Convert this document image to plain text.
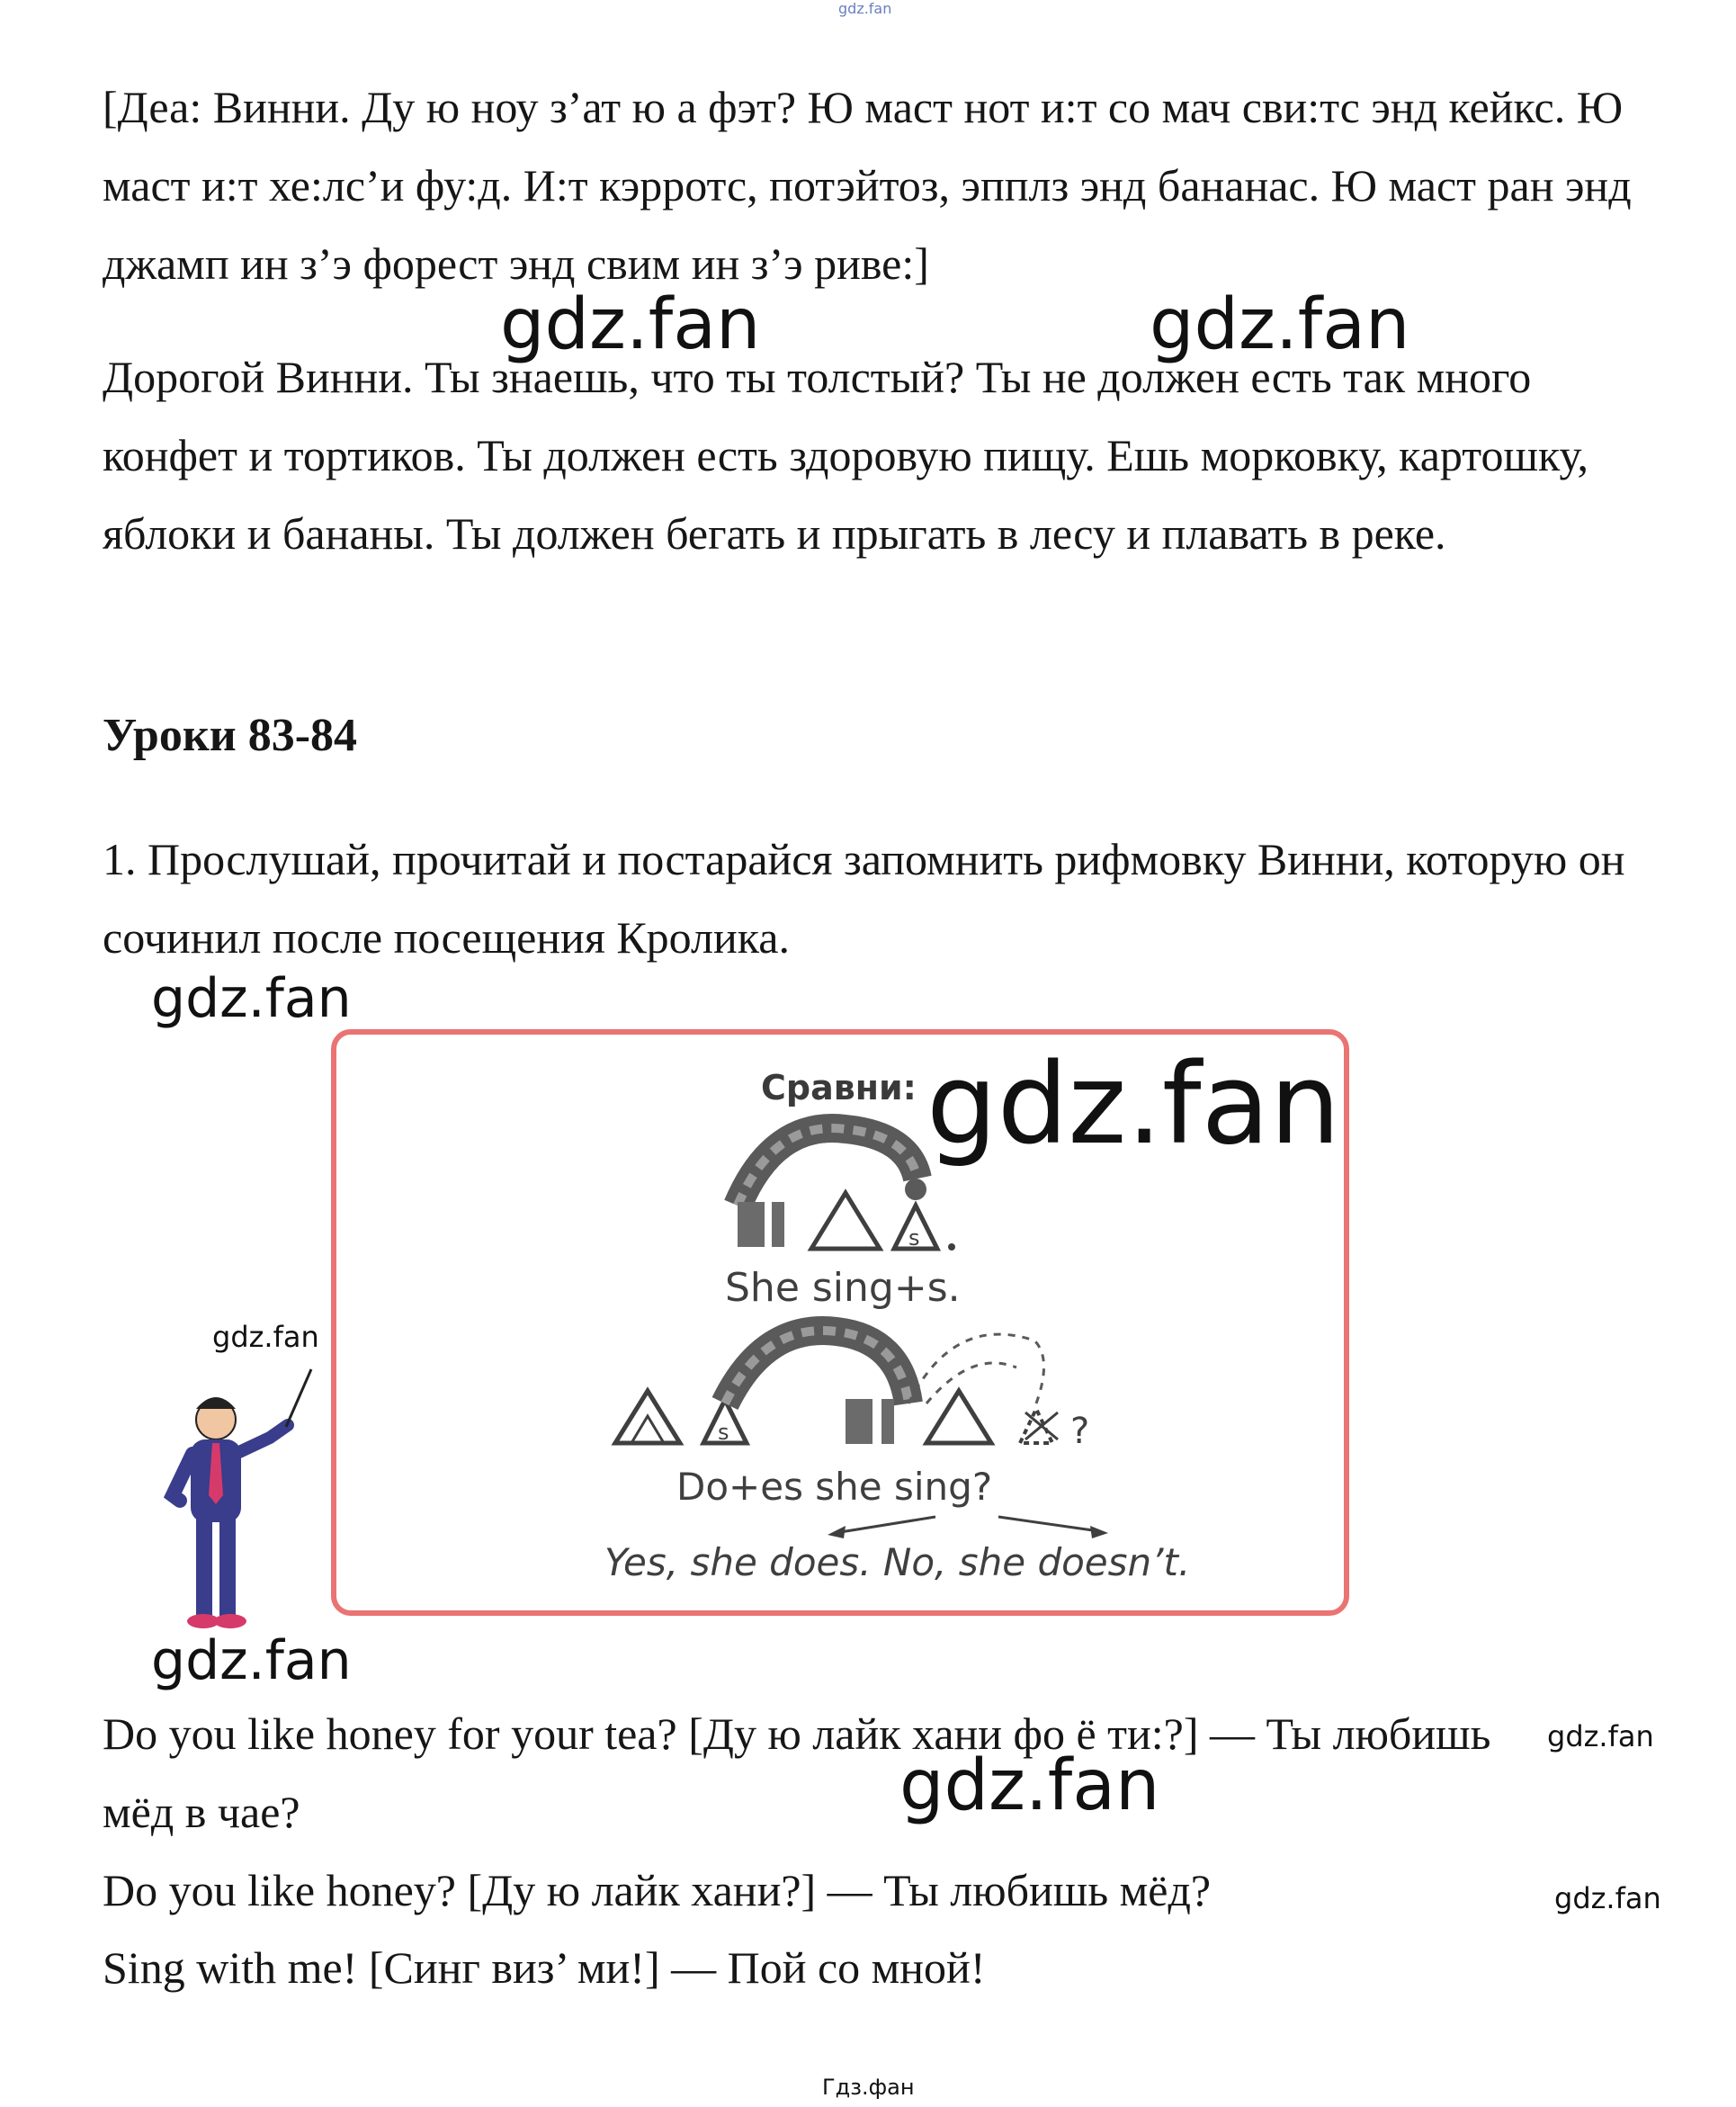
gdz.fan
[Деа: Винни. Ду ю ноу з’ат ю а фэт? Ю маст нот и:т со мач сви:тс энд кейкс. Ю маст и:т хе:лс’и фу:д. И:т кэрротс, потэйтоз, эпплз энд бананас. Ю маст ран энд джамп ин з’э форест энд свим ин з’э риве:]
Дорогой Винни. Ты знаешь, что ты толстый? Ты не должен есть так много конфет и тортиков. Ты должен есть здоровую пищу. Ешь морковку, картошку, яблоки и бананы. Ты должен бегать и прыгать в лесу и плавать в реке.
gdz.fan	gdz.fan
Уроки 83-84
1. Прослушай, прочитай и постарайся запомнить рифмовку Винни, которую он сочинил после посещения Кролика.
gdz.fan
Сравни:
s
s	?
She sing+s.
Do+es she sing?
Yes, she does. No, she doesn’t.
gdz.fan
gdz.fan
gdz.fan
Do you like honey for your tea? [Ду ю лайк хани фо ё ти:?] — Ты любишь мёд в чае?
gdz.fan
gdz.fan
Do you like honey? [Ду ю лайк хани?] — Ты любишь мёд?	gdz.fan
Sing with me! [Синг виз’ ми!] — Пой со мной!
Гдз.фан
